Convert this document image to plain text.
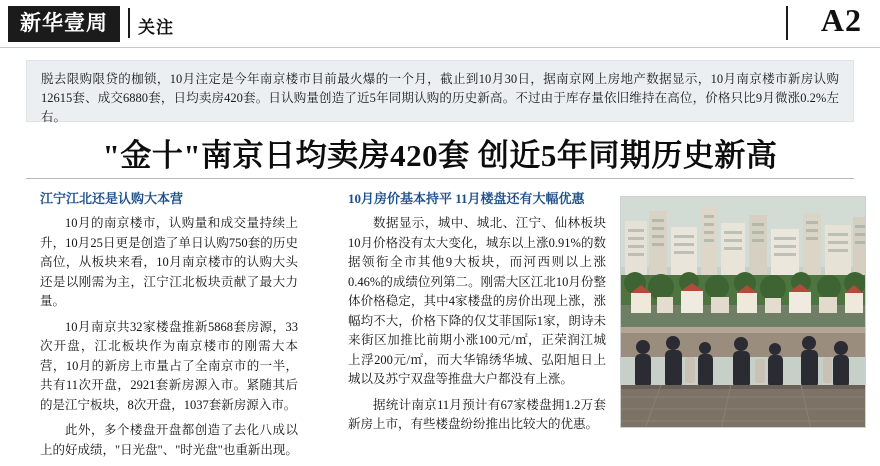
新华壹周 关注	A2
脱去限购限贷的枷锁，10月注定是今年南京楼市目前最火爆的一个月，截止到10月30日，据南京网上房地产数据显示，10月南京楼市新房认购12615套、成交6880套，日均卖房420套。日认购量创造了近5年同期认购的历史新高。不过由于库存量依旧维持在高位，价格只比9月微涨0.2%左右。
"金十"南京日均卖房420套 创近5年同期历史新高
江宁江北还是认购大本营

10月的南京楼市，认购量和成交量持续上升，10月25日更是创造了单日认购750套的历史高位，从板块来看，10月南京楼市的认购大头还是以刚需为主，江宁江北板块贡献了最大力量。

10月南京共32家楼盘推新5868套房源，33次开盘，江北板块作为南京楼市的刚需大本营，10月的新房上市量占了全南京市的一半，共有11次开盘，2921套新房源入市。紧随其后的是江宁板块，8次开盘，1037套新房源入市。

此外，多个楼盘开盘都创造了去化八成以上的好成绩，"日光盘"、"时光盘"也重新出现。

10月房价基本持平 11月楼盘还有大幅优惠

数据显示，城中、城北、江宁、仙林板块10月价格没有太大变化，城东以上涨0.91%的数据领衔全市其他9大板块，而河西则以上涨0.46%的成绩位列第二。刚需大区江北10月份整体价格稳定，其中4家楼盘的房价出现上涨，涨幅均不大，价格下降的仅艾菲国际1家，朗诗未来街区加推比前期小涨100元/㎡，正荣润江城上浮200元/㎡，而大华锦绣华城、弘阳旭日上城以及苏宁双盘等推盘大户都没有上涨。

据统计南京11月预计有67家楼盘拥1.2万套新房上市，有些楼盘纷纷推出比较大的优惠。
